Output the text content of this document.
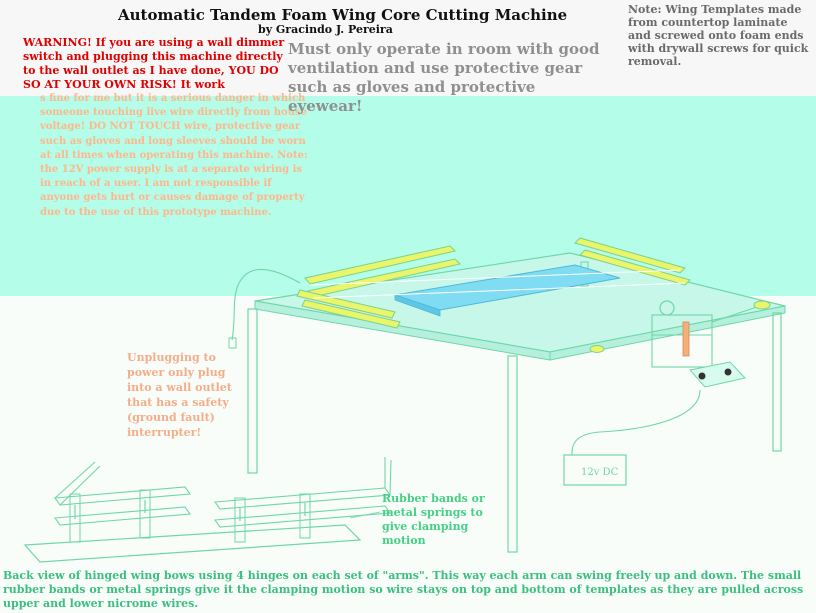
12v DC

Automatic Tandem Foam Wing Core Cutting Machine

by Gracindo J. Pereira

Note: Wing Templates made from countertop laminate and screwed onto foam ends with drywall screws for quick removal.

WARNING! If you are using a wall dimmer switch and plugging this machine directly to the wall outlet as I have done, YOU DO SO AT YOUR OWN RISK! It work

s fine for me but it is a serious danger in which someone touching live wire directly from house voltage! DO NOT TOUCH wire, protective gear such as gloves and long sleeves should be worn at all times when operating this machine. Note: the 12V power supply is at a separate wiring is in reach of a user. I am not responsible if anyone gets hurt or causes damage of property due to the use of this prototype machine.

Must only operate in room with good ventilation and use protective gear such as gloves and protective eyewear!

Unplugging to power only plug into a wall outlet that has a safety (ground fault) interrupter!

Rubber bands or metal springs to give clamping motion

Back view of hinged wing bows using 4 hinges on each set of "arms". This way each arm can swing freely up and down. The small rubber bands or metal springs give it the clamping motion so wire stays on top and bottom of templates as they are pulled across upper and lower nicrome wires.
